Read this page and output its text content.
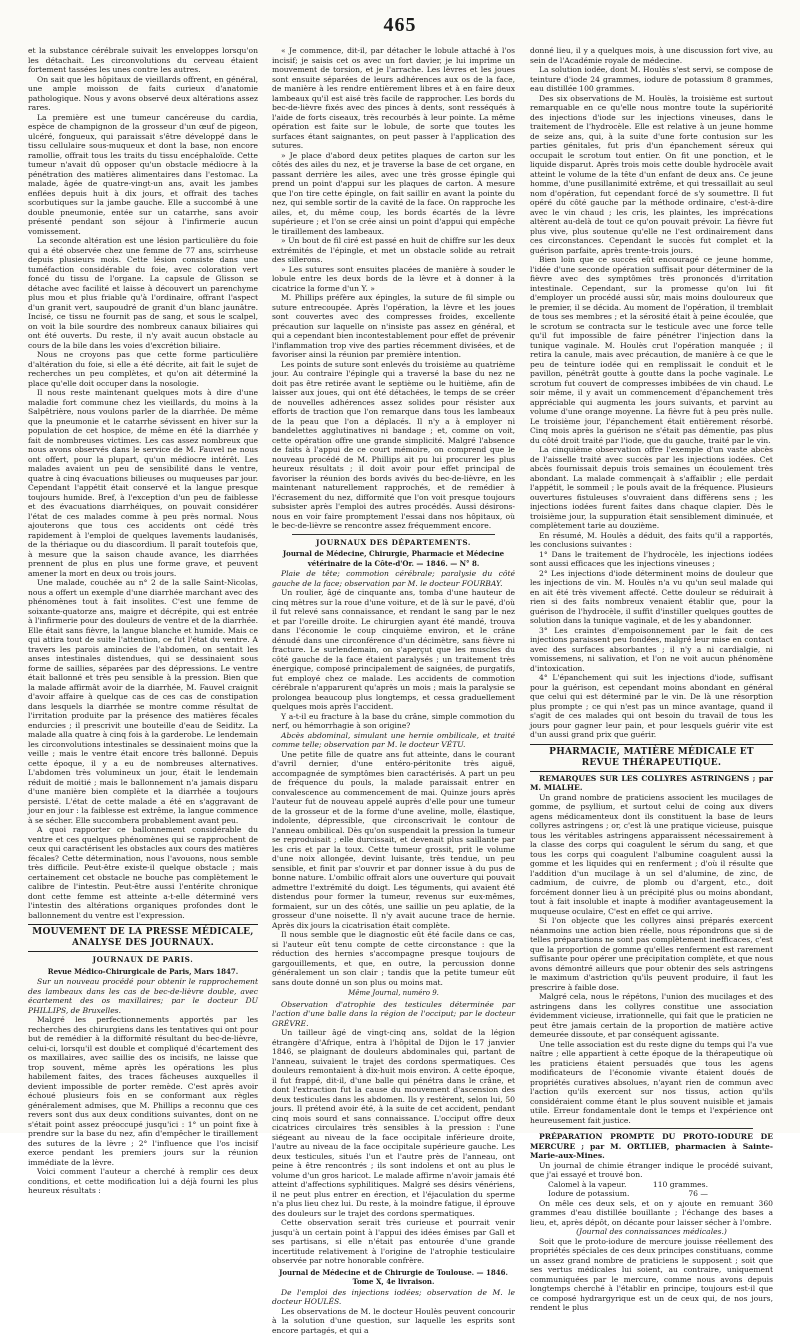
465

et la substance cérébrale suivait les enveloppes lorsqu'on les détachait. Les circonvolutions du cerveau étaient fortement tassées les unes contre les autres.

On sait que les hôpitaux de vieillards offrent, en général, une ample moisson de faits curieux d'anatomie pathologique. Nous y avons observé deux altérations assez rares.

La première est une tumeur cancéreuse du cardia, espèce de champignon de la grosseur d'un œuf de pigeon, ulcéré, fongueux, qui paraissait s'être développé dans le tissu cellulaire sous-muqueux et dont la base, non encore ramollie, offrait tous les traits du tissu encéphaloïde. Cette tumeur n'avait dû opposer qu'un obstacle médiocre à la pénétration des matières alimentaires dans l'estomac. La malade, âgée de quatre-vingt-un ans, avait les jambes enflées depuis huit à dix jours, et offrait des taches scorbutiques sur la jambe gauche. Elle a succombé à une double pneumonie, entée sur un catarrhe, sans avoir présenté pendant son séjour à l'infirmerie aucun vomissement.

La seconde altération est une lésion particulière du foie qui a été observée chez une femme de 77 ans, scirrheuse depuis plusieurs mois. Cette lésion consiste dans une tuméfaction considérable du foie, avec coloration vert foncé du tissu de l'organe. La capsule de Glisson se détache avec facilité et laisse à découvert un parenchyme plus mou et plus friable qu'à l'ordinaire, offrant l'aspect d'un granit vert, saupoudré de granit d'un blanc jaunâtre. Incisé, ce tissu ne fournit pas de sang, et sous le scalpel, on voit la bile sourdre des nombreux canaux biliaires qui ont été ouverts. Du reste, il n'y avait aucun obstacle au cours de la bile dans les voies d'excrétion biliaire.

Nous ne croyons pas que cette forme particulière d'altération du foie, si elle a été décrite, ait fait le sujet de recherches un peu complètes, et qu'on ait déterminé la place qu'elle doit occuper dans la nosologie.

Il nous reste maintenant quelques mots à dire d'une maladie fort commune chez les vieillards, du moins à la Salpêtrière, nous voulons parler de la diarrhée. De même que la pneumonie et le catarrhe sévissent en hiver sur la population de cet hospice, de même en été la diarrhée y fait de nombreuses victimes. Les cas assez nombreux que nous avons observés dans le service de M. Fauvel ne nous ont offert, pour la plupart, qu'un médiocre intérêt. Les malades avaient un peu de sensibilité dans le ventre, quatre à cinq évacuations bilieuses ou muqueuses par jour. Cependant l'appétit était conservé et la langue presque toujours humide. Bref, à l'exception d'un peu de faiblesse et des évacuations diarrhéiques, on pouvait considérer l'état de ces malades comme à peu près normal. Nous ajouterons que tous ces accidents ont cédé très rapidement à l'emploi de quelques lavements laudanisés, de la thériaque ou du diascordium. Il paraît toutefois que, à mesure que la saison chaude avance, les diarrhées prennent de plus en plus une forme grave, et peuvent amener la mort en deux ou trois jours.

Une malade, couchée au n° 2 de la salle Saint-Nicolas, nous a offert un exemple d'une diarrhée marchant avec des phénomènes tout à fait insolites. C'est une femme de soixante-quatorze ans, maigre et décrépite, qui est entrée à l'infirmerie pour des douleurs de ventre et de la diarrhée. Elle était sans fièvre, la langue blanche et humide. Mais ce qui attira tout de suite l'attention, ce fut l'état du ventre. A travers les parois amincies de l'abdomen, on sentait les anses intestinales distendues, qui se dessinaient sous forme de saillies, séparées par des dépressions. Le ventre était ballonné et très peu sensible à la pression. Bien que la malade affirmât avoir de la diarrhée, M. Fauvel craignit d'avoir affaire à quelque cas de ces cas de constipation dans lesquels la diarrhée se montre comme résultat de l'irritation produite par la présence des matières fécales endurcies ; il prescrivit une bouteille d'eau de Seiditz. La malade alla quatre à cinq fois à la garderobe. Le lendemain les circonvolutions intestinales se dessinaient moins que la veille ; mais le ventre était encore très ballonné. Depuis cette époque, il y a eu de nombreuses alternatives. L'abdomen très volumineux un jour, était le lendemain réduit de moitié ; mais le ballonnement n'a jamais disparu d'une manière bien complète et la diarrhée a toujours persisté. L'état de cette malade a été en s'aggravant de jour en jour : la faiblesse est extrême, la langue commence à se sécher. Elle succombera probablement avant peu.

A quoi rapporter ce ballonnement considérable du ventre et ces quelques phénomènes qui se rapprochent de ceux qui caractérisent les obstacles aux cours des matières fécales? Cette détermination, nous l'avouons, nous semble très difficile. Peut-être existe-il quelque obstacle ; mais certainement cet obstacle ne bouche pas complètement le calibre de l'intestin. Peut-être aussi l'entérite chronique dont cette femme est atteinte a-t-elle déterminé vers l'intestin des altérations organiques profondes dont le ballonnement du ventre est l'expression.

MOUVEMENT DE LA PRESSE MÉDICALE, ANALYSE DES JOURNAUX.
JOURNAUX DE PARIS.
Revue Médico-Chirurgicale de Paris, Mars 1847.

Sur un nouveau procédé pour obtenir le rapprochement des lambeaux dans les cas de bec-de-lièvre double, avec écartement des os maxillaires; par le docteur DU PHILLIPS, de Bruxelles.

Malgré les perfectionnements apportés par les recherches des chirurgiens dans les tentatives qui ont pour but de remédier à la difformité résultant du bec-de-lièvre, celui-ci, lorsqu'il est double et compliqué d'écartement des os maxillaires, avec saillie des os incisifs, ne laisse que trop souvent, même après les opérations les plus habilement faites, des traces fâcheuses auxquelles il devient impossible de porter remède. C'est après avoir échoué plusieurs fois en se conformant aux règles généralement admises, que M. Phillips a reconnu que ces revers sont dus aux deux conditions suivantes, dont on ne s'était point assez préoccupé jusqu'ici : 1° un point fixe à prendre sur la base du nez, afin d'empêcher le tiraillement des sutures de la lèvre ; 2° l'influence que l'os incisif exerce pendant les premiers jours sur la réunion immédiate de la lèvre.

Voici comment l'auteur a cherché à remplir ces deux conditions, et cette modification lui a déjà fourni les plus heureux résultats :

« Je commence, dit-il, par détacher le lobule attaché à l'os incisif; je saisis cet os avec un fort davier, je lui imprime un mouvement de torsion, et je l'arrache. Les lèvres et les joues sont ensuite séparées de leurs adhérences aux os de la face, de manière à les rendre entièrement libres et à en faire deux lambeaux qu'il est aisé très facile de rapprocher. Les bords du bec-de-lièvre fixés avec des pinces à dents, sont resséqués à l'aide de forts ciseaux, très recourbés à leur pointe. La même opération est faite sur le lobule, de sorte que toutes les surfaces étant saignantes, on peut passer à l'application des sutures.

» Je place d'abord deux petites plaques de carton sur les côtés des ailes du nez, et je traverse la base de cet organe, en passant derrière les ailes, avec une très grosse épingle qui prend un point d'appui sur les plaques de carton. A mesure que l'on tire cette épingle, on fait saillir en avant la pointe du nez, qui semble sortir de la cavité de la face. On rapproche les ailes, et, du même coup, les bords écartés de la lèvre supérieure ; et l'on se crée ainsi un point d'appui qui empêche le tiraillement des lambeaux.

» Un bout de fil ciré est passé en huit de chiffre sur les deux extrémités de l'épingle, et met un obstacle solide au retrait des sillerons.

» Les sutures sont ensuites placées de manière à souder le lobule entre les deux bords de la lèvre et à donner à la cicatrice la forme d'un Y. »

M. Phillips préfère aux épingles, la suture de fil simple ou suture entrecoupée. Après l'opération, la lèvre et les joues sont couvertes avec des compresses froides, excellente précaution sur laquelle on n'insiste pas assez en général, et qui a cependant bien incontestablement pour effet de prévenir l'inflammation trop vive des parties récemment divisées, et de favoriser ainsi la réunion par première intention.

Les points de suture sont enlevés du troisième au quatrième jour. Au contraire l'épingle qui a traversé la base du nez ne doit pas être retirée avant le septième ou le huitième, afin de laisser aux joues, qui ont été détachées, le temps de se créer de nouvelles adhérences assez solides pour résister aux efforts de traction que l'on remarque dans tous les lambeaux de la peau que l'on a déplacés. Il n'y a à employer ni bandelettes agglutinatives ni bandage ; et, comme on voit, cette opération offre une grande simplicité. Malgré l'absence de faits à l'appui de ce court mémoire, on comprend que le nouveau procédé de M. Phillips ait pu lui procurer les plus heureux résultats ; il doit avoir pour effet principal de favoriser la réunion des bords avivés du bec-de-lièvre, en les maintenant naturellement rapprochés, et de remédier à l'écrasement du nez, difformité que l'on voit presque toujours subsister après l'emploi des autres procédés. Aussi désirons-nous en voir faire promptement l'essai dans nos hôpitaux, où le bec-de-lièvre se rencontre assez fréquemment encore.

JOURNAUX DES DÉPARTEMENTS.
Journal de Médecine, Chirurgie, Pharmacie et Médecine vétérinaire de la Côte-d'Or. — 1846. — N° 8.

Plaie de tête; commotion cérébrale; paralysie du côté gauche de la face; observation par M. le docteur FOURBAY.

Un roulier, âgé de cinquante ans, tomba d'une hauteur de cinq mètres sur la roue d'une voiture, et de là sur le pavé, d'où il fut relevé sans connaissance, et rendant le sang par le nez et par l'oreille droite. Le chirurgien ayant été mandé, trouva dans l'économie le coup cinquième environ, et le crâne dénudé dans une circonférence d'un décimètre, sans fièvre ni fracture. Le surlendemain, on s'aperçut que les muscles du côté gauche de la face étaient paralysés ; un traitement très énergique, composé principalement de saignées, de purgatifs, fut employé chez ce malade. Les accidents de commotion cérébrale n'apparurent qu'après un mois ; mais la paralysie se prolongea beaucoup plus longtemps, et cessa graduellement quelques mois après l'accident.

Y a-t-il eu fracture à la base du crâne, simple commotion du nerf, ou hémorrhagie à son origine?

Abcès abdominal, simulant une hernie ombilicale, et traité comme telle; observation par M. le docteur VÉTU.

Une petite fille de quatre ans fut atteinte, dans le courant d'avril dernier, d'une entéro-péritonite très aiguë, accompagnée de symptômes bien caractérisés. A part un peu de fréquence du pouls, la malade paraissait entrer en convalescence au commencement de mai. Quinze jours après l'auteur fut de nouveau appelé auprès d'elle pour une tumeur de la grosseur et de la forme d'une aveline, molle, élastique, indolente, dépressible, que circonscrivait le contour de l'anneau ombilical. Dès qu'on suspendait la pression la tumeur se reproduisait ; elle durcissait, et devenait plus saillante par les cris et par la toux. Cette tumeur grossit, prit le volume d'une noix allongée, devint luisante, très tendue, un peu sensible, et finit par s'ouvrir et par donner issue à du pus de bonne nature. L'ombilic offrait alors une ouverture qui pouvait admettre l'extrémité du doigt. Les téguments, qui avaient été distendus pour former la tumeur, revenus sur eux-mêmes, formaient, sur un des côtés, une saillie un peu aplatie, de la grosseur d'une noisette. Il n'y avait aucune trace de hernie. Après dix jours la cicatrisation était complète.

Il nous semble que le diagnostic eût été facile dans ce cas, si l'auteur eût tenu compte de cette circonstance : que la réduction des hernies s'accompagne presque toujours de gargouillements, et que, en outre, la percussion donne généralement un son clair ; tandis que la petite tumeur eût sans doute donné un son plus ou moins mat.

Même Journal, numéro 9.

Observation d'atrophie des testicules déterminée par l'action d'une balle dans la région de l'occiput; par le docteur GRÈVRE.

Un tailleur âgé de vingt-cinq ans, soldat de la légion étrangère d'Afrique, entra à l'hôpital de Dijon le 17 janvier 1846, se plaignant de douleurs abdominales qui, partant de l'anneau, suivaient le trajet des cordons spermatiques. Ces douleurs remontaient à dix-huit mois environ. A cette époque, il fut frappé, dit-il, d'une balle qui pénétra dans le crâne, et dont l'extraction fut la cause du mouvement d'ascension des deux testicules dans les abdomen. Ils y restèrent, selon lui, 50 jours. Il prétend avoir été, à la suite de cet accident, pendant cinq mois sourd et sans connaissance. L'occiput offre deux cicatrices circulaires très sensibles à la pression : l'une siégeant au niveau de la face occipitale inférieure droite, l'autre au niveau de la face occipitale supérieure gauche. Les deux testicules, situés l'un et l'autre près de l'anneau, ont peine à être rencontrés ; ils sont indolens et ont au plus le volume d'un gros haricot. Le malade affirme n'avoir jamais été atteint d'affections syphilitiques. Malgré ses désirs vénériens, il ne peut plus entrer en érection, et l'éjaculation du sperme n'a plus lieu chez lui. Du reste, à la moindre fatigue, il éprouve des douleurs sur le trajet des cordons spermatiques.

Cette observation serait très curieuse et pourrait venir jusqu'à un certain point à l'appui des idées émises par Gall et ses partisans, si elle n'était pas entourée d'une grande incertitude relativement à l'origine de l'atrophie testiculaire observée par notre honorable confrère.

Journal de Médecine et de Chirurgie de Toulouse. — 1846. Tome X, 4e livraison.

De l'emploi des injections iodées; observation de M. le docteur HOULÈS.

Les observations de M. le docteur Houlès peuvent concourir à la solution d'une question, sur laquelle les esprits sont encore partagés, et qui a

donné lieu, il y a quelques mois, à une discussion fort vive, au sein de l'Académie royale de médecine.

La solution iodée, dont M. Houlès s'est servi, se compose de teinture d'iode 24 grammes, iodure de potassium 8 grammes, eau distillée 100 grammes.

Des six observations de M. Houlès, la troisième est surtout remarquable en ce qu'elle nous montre toute la supériorité des injections d'iode sur les injections vineuses, dans le traitement de l'hydrocèle. Elle est relative à un jeune homme de seize ans, qui, à la suite d'une forte contusion sur les parties génitales, fut pris d'un épanchement séreux qui occupait le scrotum tout entier. On fit une ponction, et le liquide disparut. Après trois mois cette double hydrocèle avait atteint le volume de la tête d'un enfant de deux ans. Ce jeune homme, d'une pusillanimité extrême, et qui tressaillait au seul nom d'opération, fut cependant forcé de s'y soumettre. Il fut opéré du côté gauche par la méthode ordinaire, c'est-à-dire avec le vin chaud ; les cris, les plaintes, les imprécations altèrent au-delà de tout ce qu'on pouvait prévoir. La fièvre fut plus vive, plus soutenue qu'elle ne l'est ordinairement dans ces circonstances. Cependant le succès fut complet et la guérison parfaite, après trente-trois jours.

Bien loin que ce succès eût encouragé ce jeune homme, l'idée d'une seconde opération suffisait pour déterminer de la fièvre avec des symptômes très prononcés d'irritation intestinale. Cependant, sur la promesse qu'on lui fit d'employer un procédé aussi sûr, mais moins douloureux que le premier, il se décida. Au moment de l'opération, il tremblait de tous ses membres ; et la sérosité était à peine écoulée, que le scrotum se contracta sur le testicule avec une force telle qu'il fut impossible de faire pénétrer l'injection dans la tunique vaginale. M. Houlès crut l'opération manquée ; il retira la canule, mais avec précaution, de manière à ce que le peu de teinture iodée qui en remplissait le conduit et le pavillon, pénétrât goutte à goutte dans la poche vaginale. Le scrotum fut couvert de compresses imbibées de vin chaud. Le soir même, il y avait un commencement d'épanchement très appréciable qui augmenta les jours suivants, et parvint au volume d'une orange moyenne. La fièvre fut à peu près nulle. Le troisième jour, l'épanchement était entièrement résorbé. Cinq mois après la guérison ne s'était pas démentie, pas plus du côté droit traité par l'iode, que du gauche, traité par le vin.

La cinquième observation offre l'exemple d'un vaste abcès de l'aisselle traité avec succès par les injections iodées. Cet abcès fournissait depuis trois semaines un écoulement très abondant. La malade commençait à s'affaiblir ; elle perdait l'appétit, le sommeil ; le pouls avait de la fréquence. Plusieurs ouvertures fistuleuses s'ouvraient dans différens sens ; les injections iodées furent faites dans chaque clapier. Dès le troisième jour, la suppuration était sensiblement diminuée, et complètement tarie au douzième.

En résumé, M. Houlès a déduit, des faits qu'il a rapportés, les conclusions suivantes :

1° Dans le traitement de l'hydrocèle, les injections iodées sont aussi efficaces que les injections vineuses ;

2° Les injections d'iode déterminent moins de douleur que les injections de vin. M. Houlès n'a vu qu'un seul malade qui en ait été très vivement affecté. Cette douleur se réduirait à rien si des faits nombreux venaient établir que, pour la guérison de l'hydrocèle, il suffit d'instiller quelques gouttes de solution dans la tunique vaginale, et de les y abandonner.

3° Les craintes d'empoisonnement par le fait de ces injections paraissent peu fondées, malgré leur mise en contact avec des surfaces absorbantes ; il n'y a ni cardialgie, ni vomissemens, ni salivation, et l'on ne voit aucun phénomène d'intoxication.

4° L'épanchement qui suit les injections d'iode, suffisant pour la guérison, est cependant moins abondant en général que celui qui est déterminé par le vin. De là une résorption plus prompte ; ce qui n'est pas un mince avantage, quand il s'agit de ces malades qui ont besoin du travail de tous les jours pour gagner leur pain, et pour lesquels guérir vite est d'un aussi grand prix que guérir.

PHARMACIE, MATIÈRE MÉDICALE ET REVUE THÉRAPEUTIQUE.

REMARQUES SUR LES COLLYRES ASTRINGENS ; par M. MIALHE.

Un grand nombre de praticiens associent les mucilages de gomme, de psyllium, et surtout celui de coing aux divers agens médicamenteux dont ils constituent la base de leurs collyres astringens ; or, c'est là une pratique vicieuse, puisque tous les véritables astringens apparaissent nécessairement à la classe des corps qui coagulent le sérum du sang, et que tous les corps qui coagulent l'albumine coagulent aussi la gomme et les liquides qui en renferment ; d'où il résulte que l'addition d'un mucilage à un sel d'alumine, de zinc, de cadmium, de cuivre, de plomb ou d'argent, etc., doit forcément donner lieu à un précipité plus ou moins abondant, tout à fait insoluble et inapte à modifier avantageusement la muqueuse oculaire, C'est en effet ce qui arrive.

Si l'on objecte que les collyres ainsi préparés exercent néanmoins une action bien réelle, nous répondrons que si de telles préparations ne sont pas complètement inefficaces, c'est que la proportion de gomme qu'elles renferment est rarement suffisante pour opérer une précipitation complète, et que nous avons démontré ailleurs que pour obtenir des sels astringens le maximum d'astriction qu'ils peuvent produire, il faut les prescrire à faible dose.

Malgré cela, nous le répétons, l'union des mucilages et des astringens dans les collyres constitue une association évidemment vicieuse, irrationnelle, qui fait que le praticien ne peut être jamais certain de la proportion de matière active demeurée dissoute, et par conséquent agissante.

Une telle association est du reste digne du temps qui l'a vue naître ; elle appartient à cette époque de la thérapeutique où les praticiens étaient persuadés que tous les agens modificateurs de l'économie vivante étaient doués de propriétés curatives absolues, n'ayant rien de commun avec l'action qu'ils exercent sur nos tissus, action qu'ils considéraient comme étant le plus souvent nuisible et jamais utile. Erreur fondamentale dont le temps et l'expérience ont heureusement fait justice.

PRÉPARATION PROMPTE DU PROTO-IODURE DE MERCURE ; par M. ORTLIEB, pharmacien à Sainte-Marie-aux-Mines.

Un journal de chimie étranger indique le procédé suivant, que j'ai essayé et trouvé bon.

Calomel à la vapeur.	110 grammes.
Iodure de potassium.	76 —

On mêle ces deux sels, et on y ajoute en remuant 360 grammes d'eau distillée bouillante ; l'échange des bases a lieu, et, après dépôt, on décante pour laisser sécher à l'ombre.

(Journal des connaissances médicales.)

Soit que le proto-iodure de mercure jouisse réellement des propriétés spéciales de ces deux principes constituans, comme un assez grand nombre de praticiens le supposent ; soit que ses vertus médicales lui soient, au contraire, uniquement communiquées par le mercure, comme nous avons depuis longtemps cherché à l'établir en principe, toujours est-il que ce composé hydrargyrique est un de ceux qui, de nos jours, rendent le plus
